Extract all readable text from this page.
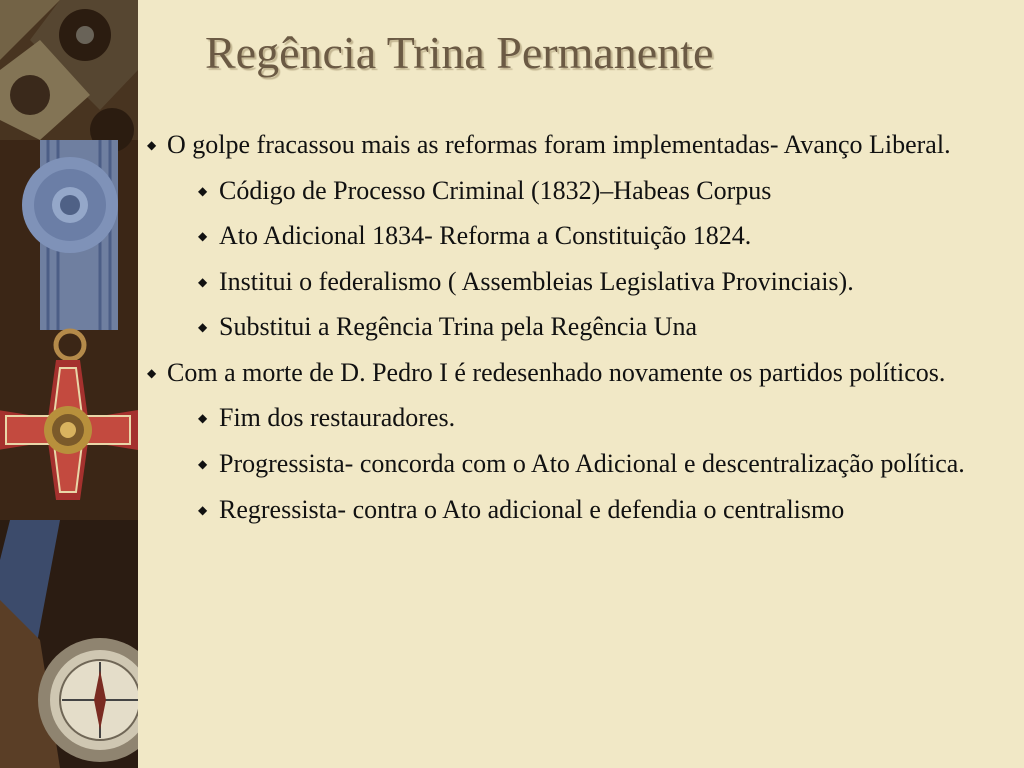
Regência Trina Permanente
◆ O golpe fracassou mais as reformas foram implementadas- Avanço Liberal.
◆ Código de Processo Criminal (1832)–Habeas Corpus
◆ Ato Adicional 1834- Reforma a Constituição 1824.
◆ Institui o federalismo ( Assembleias Legislativa Provinciais).
◆ Substitui a Regência Trina pela Regência Una
◆ Com a morte de D. Pedro I é redesenhado novamente os partidos políticos.
◆ Fim dos restauradores.
◆ Progressista- concorda com o Ato Adicional e descentralização política.
◆ Regressista- contra o Ato adicional e defendia o centralismo
